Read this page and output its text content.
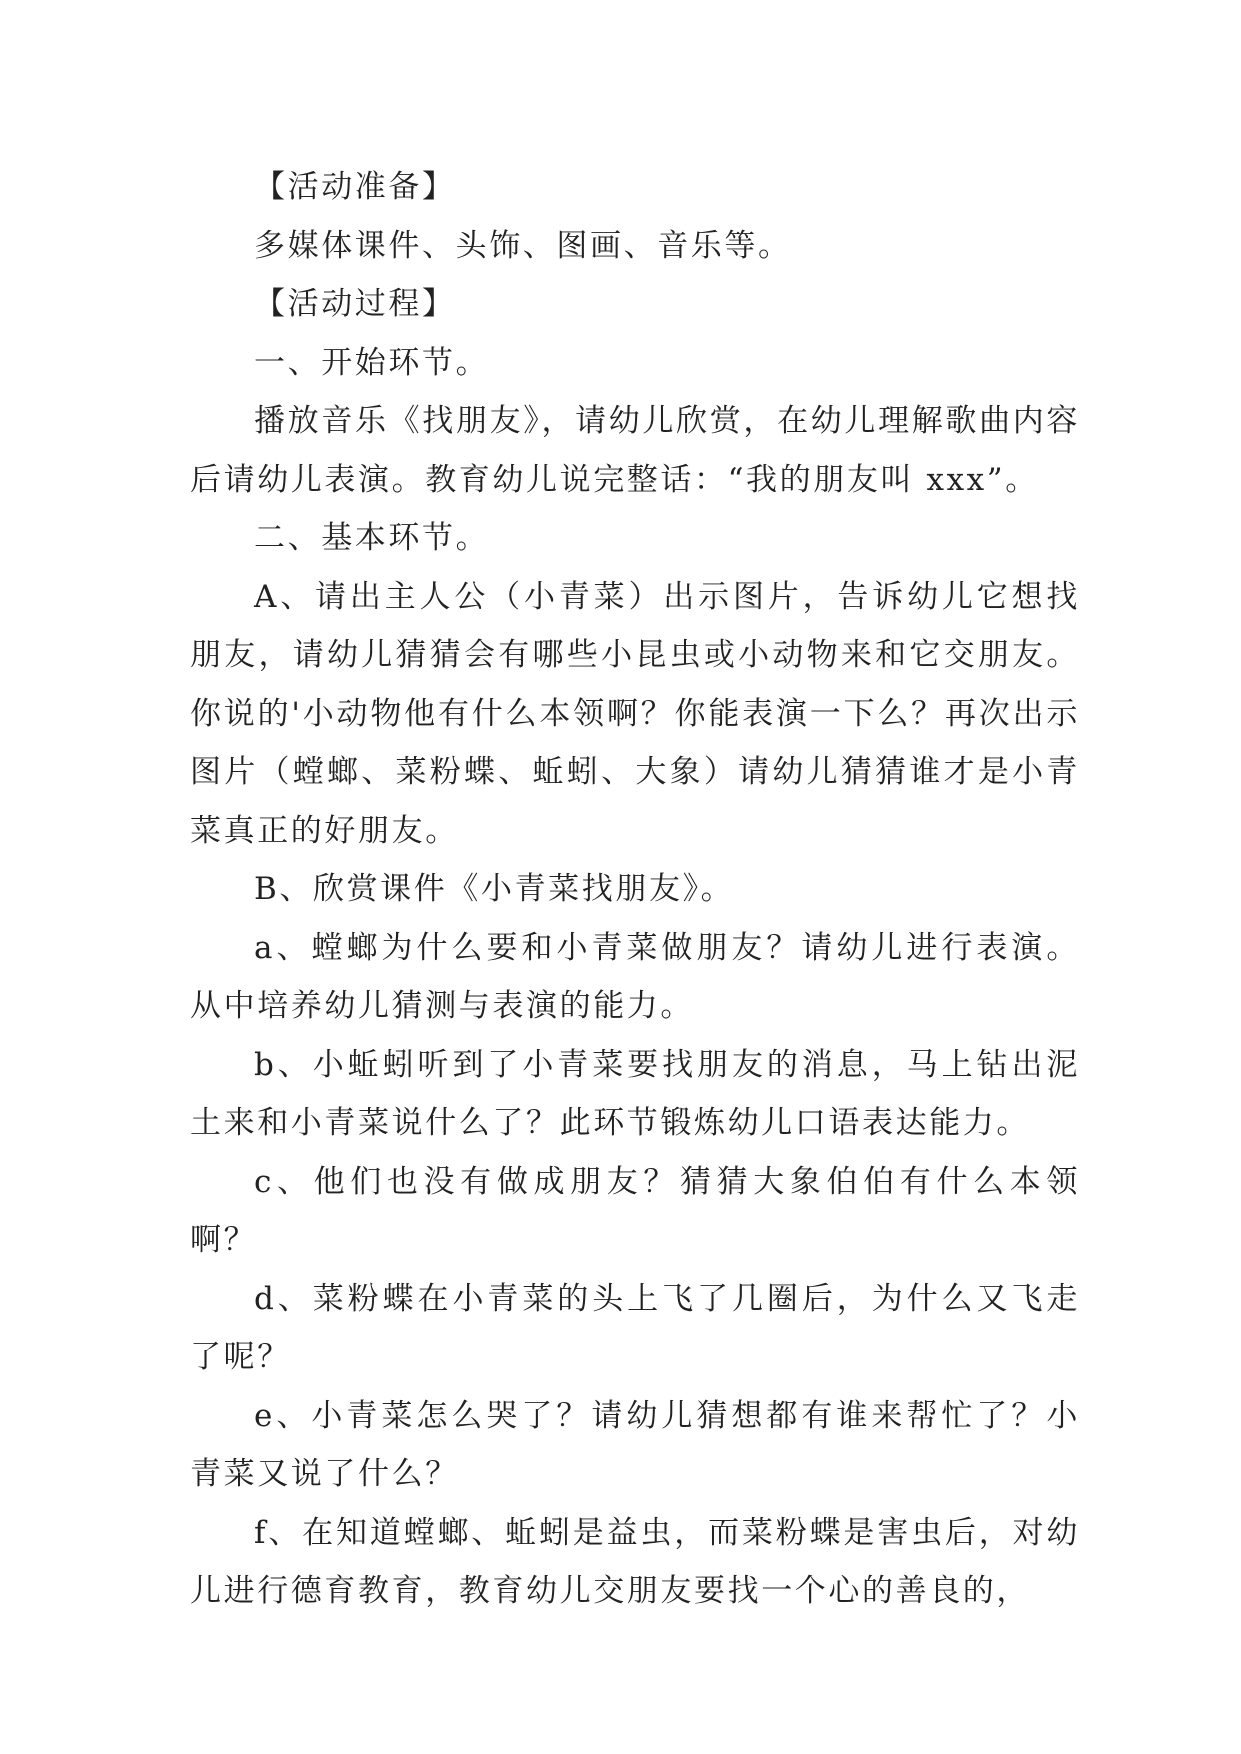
【活动准备】

多媒体课件、头饰、图画、音乐等。

【活动过程】

一、开始环节。

播放音乐《找朋友》，请幼儿欣赏，在幼儿理解歌曲内容后请幼儿表演。教育幼儿说完整话：“我的朋友叫 xxx”。

二、基本环节。

A、请出主人公（小青菜）出示图片，告诉幼儿它想找朋友，请幼儿猜猜会有哪些小昆虫或小动物来和它交朋友。你说的'小动物他有什么本领啊？你能表演一下么？再次出示图片（螳螂、菜粉蝶、蚯蚓、大象）请幼儿猜猜谁才是小青菜真正的好朋友。

B、欣赏课件《小青菜找朋友》。

a、螳螂为什么要和小青菜做朋友？请幼儿进行表演。从中培养幼儿猜测与表演的能力。

b、小蚯蚓听到了小青菜要找朋友的消息，马上钻出泥土来和小青菜说什么了？此环节锻炼幼儿口语表达能力。

c、他们也没有做成朋友？猜猜大象伯伯有什么本领啊？

d、菜粉蝶在小青菜的头上飞了几圈后，为什么又飞走了呢？

e、小青菜怎么哭了？请幼儿猜想都有谁来帮忙了？小青菜又说了什么？

f、在知道螳螂、蚯蚓是益虫，而菜粉蝶是害虫后，对幼儿进行德育教育，教育幼儿交朋友要找一个心的善良的，
